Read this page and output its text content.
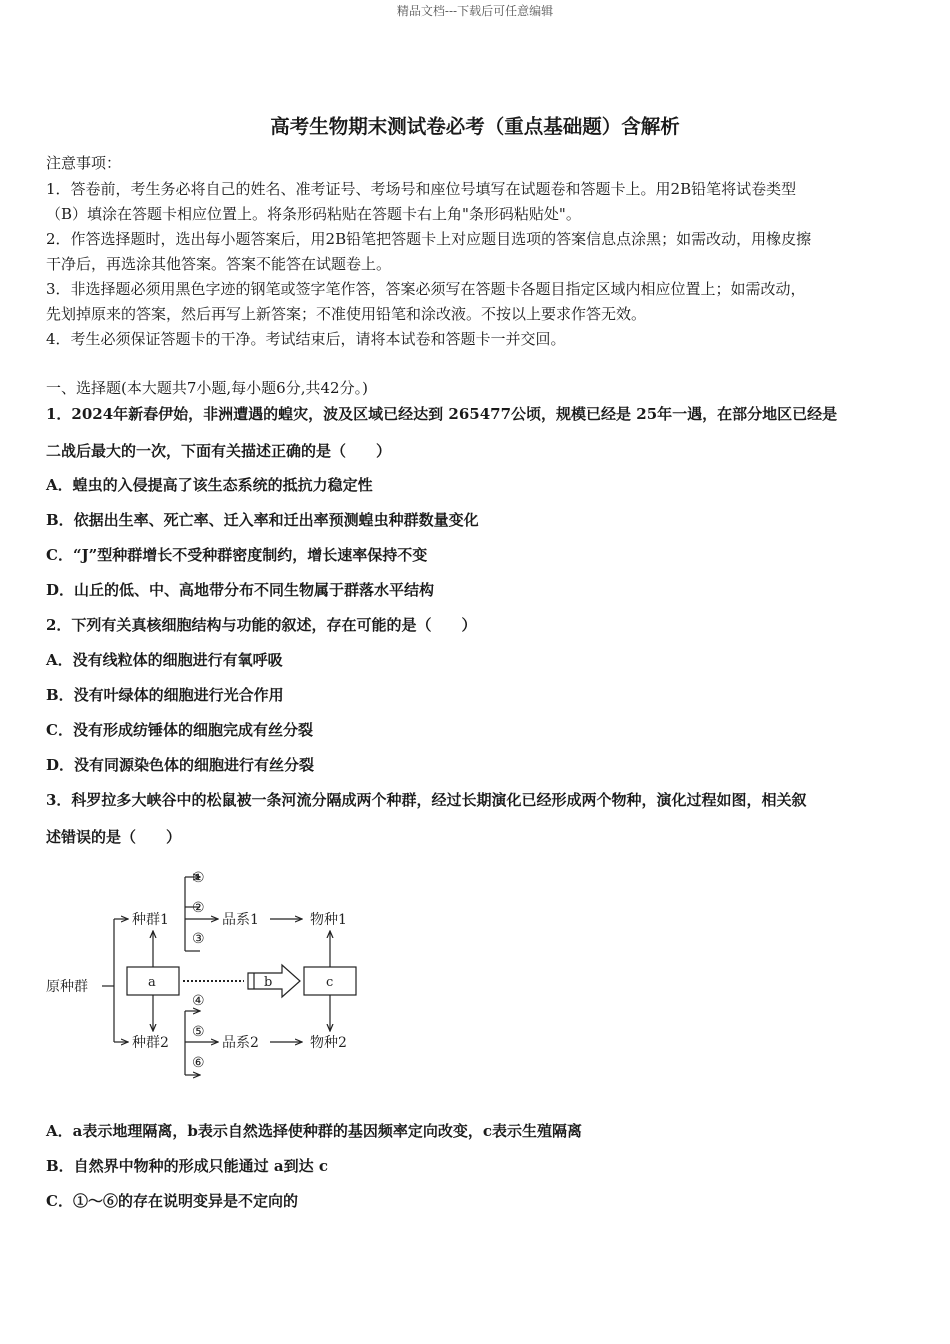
精品文档---下载后可任意编辑
高考生物期末测试卷必考（重点基础题）含解析
注意事项：
1．答卷前，考生务必将自己的姓名、准考证号、考场号和座位号填写在试题卷和答题卡上。用2B铅笔将试卷类型
（B）填涂在答题卡相应位置上。将条形码粘贴在答题卡右上角"条形码粘贴处"。
2．作答选择题时，选出每小题答案后，用2B铅笔把答题卡上对应题目选项的答案信息点涂黑；如需改动，用橡皮擦
干净后，再选涂其他答案。答案不能答在试题卷上。
3．非选择题必须用黑色字迹的钢笔或签字笔作答，答案必须写在答题卡各题目指定区域内相应位置上；如需改动，
先划掉原来的答案，然后再写上新答案；不准使用铅笔和涂改液。不按以上要求作答无效。
4．考生必须保证答题卡的干净。考试结束后，请将本试卷和答题卡一并交回。
一、选择题(本大题共7小题,每小题6分,共42分。)
1．2024年新春伊始，非洲遭遇的蝗灾，波及区域已经达到 265477公顷，规模已经是 25年一遇，在部分地区已经是
二战后最大的一次，下面有关描述正确的是（　　）
A．蝗虫的入侵提高了该生态系统的抵抗力稳定性
B．依据出生率、死亡率、迁入率和迁出率预测蝗虫种群数量变化
C．“J”型种群增长不受种群密度制约，增长速率保持不变
D．山丘的低、中、高地带分布不同生物属于群落水平结构
2．下列有关真核细胞结构与功能的叙述，存在可能的是（　　）
A．没有线粒体的细胞进行有氧呼吸
B．没有叶绿体的细胞进行光合作用
C．没有形成纺锤体的细胞完成有丝分裂
D．没有同源染色体的细胞进行有丝分裂
3．科罗拉多大峡谷中的松鼠被一条河流分隔成两个种群，经过长期演化已经形成两个物种，演化过程如图，相关叙
述错误的是（　　）
原种群
种群1
种群2
品系1
品系2
物种1
物种2
a	b	c
①
②
③
④
⑤
⑥
A．a表示地理隔离，b表示自然选择使种群的基因频率定向改变，c表示生殖隔离
B．自然界中物种的形成只能通过 a到达 c
C．①～⑥的存在说明变异是不定向的
